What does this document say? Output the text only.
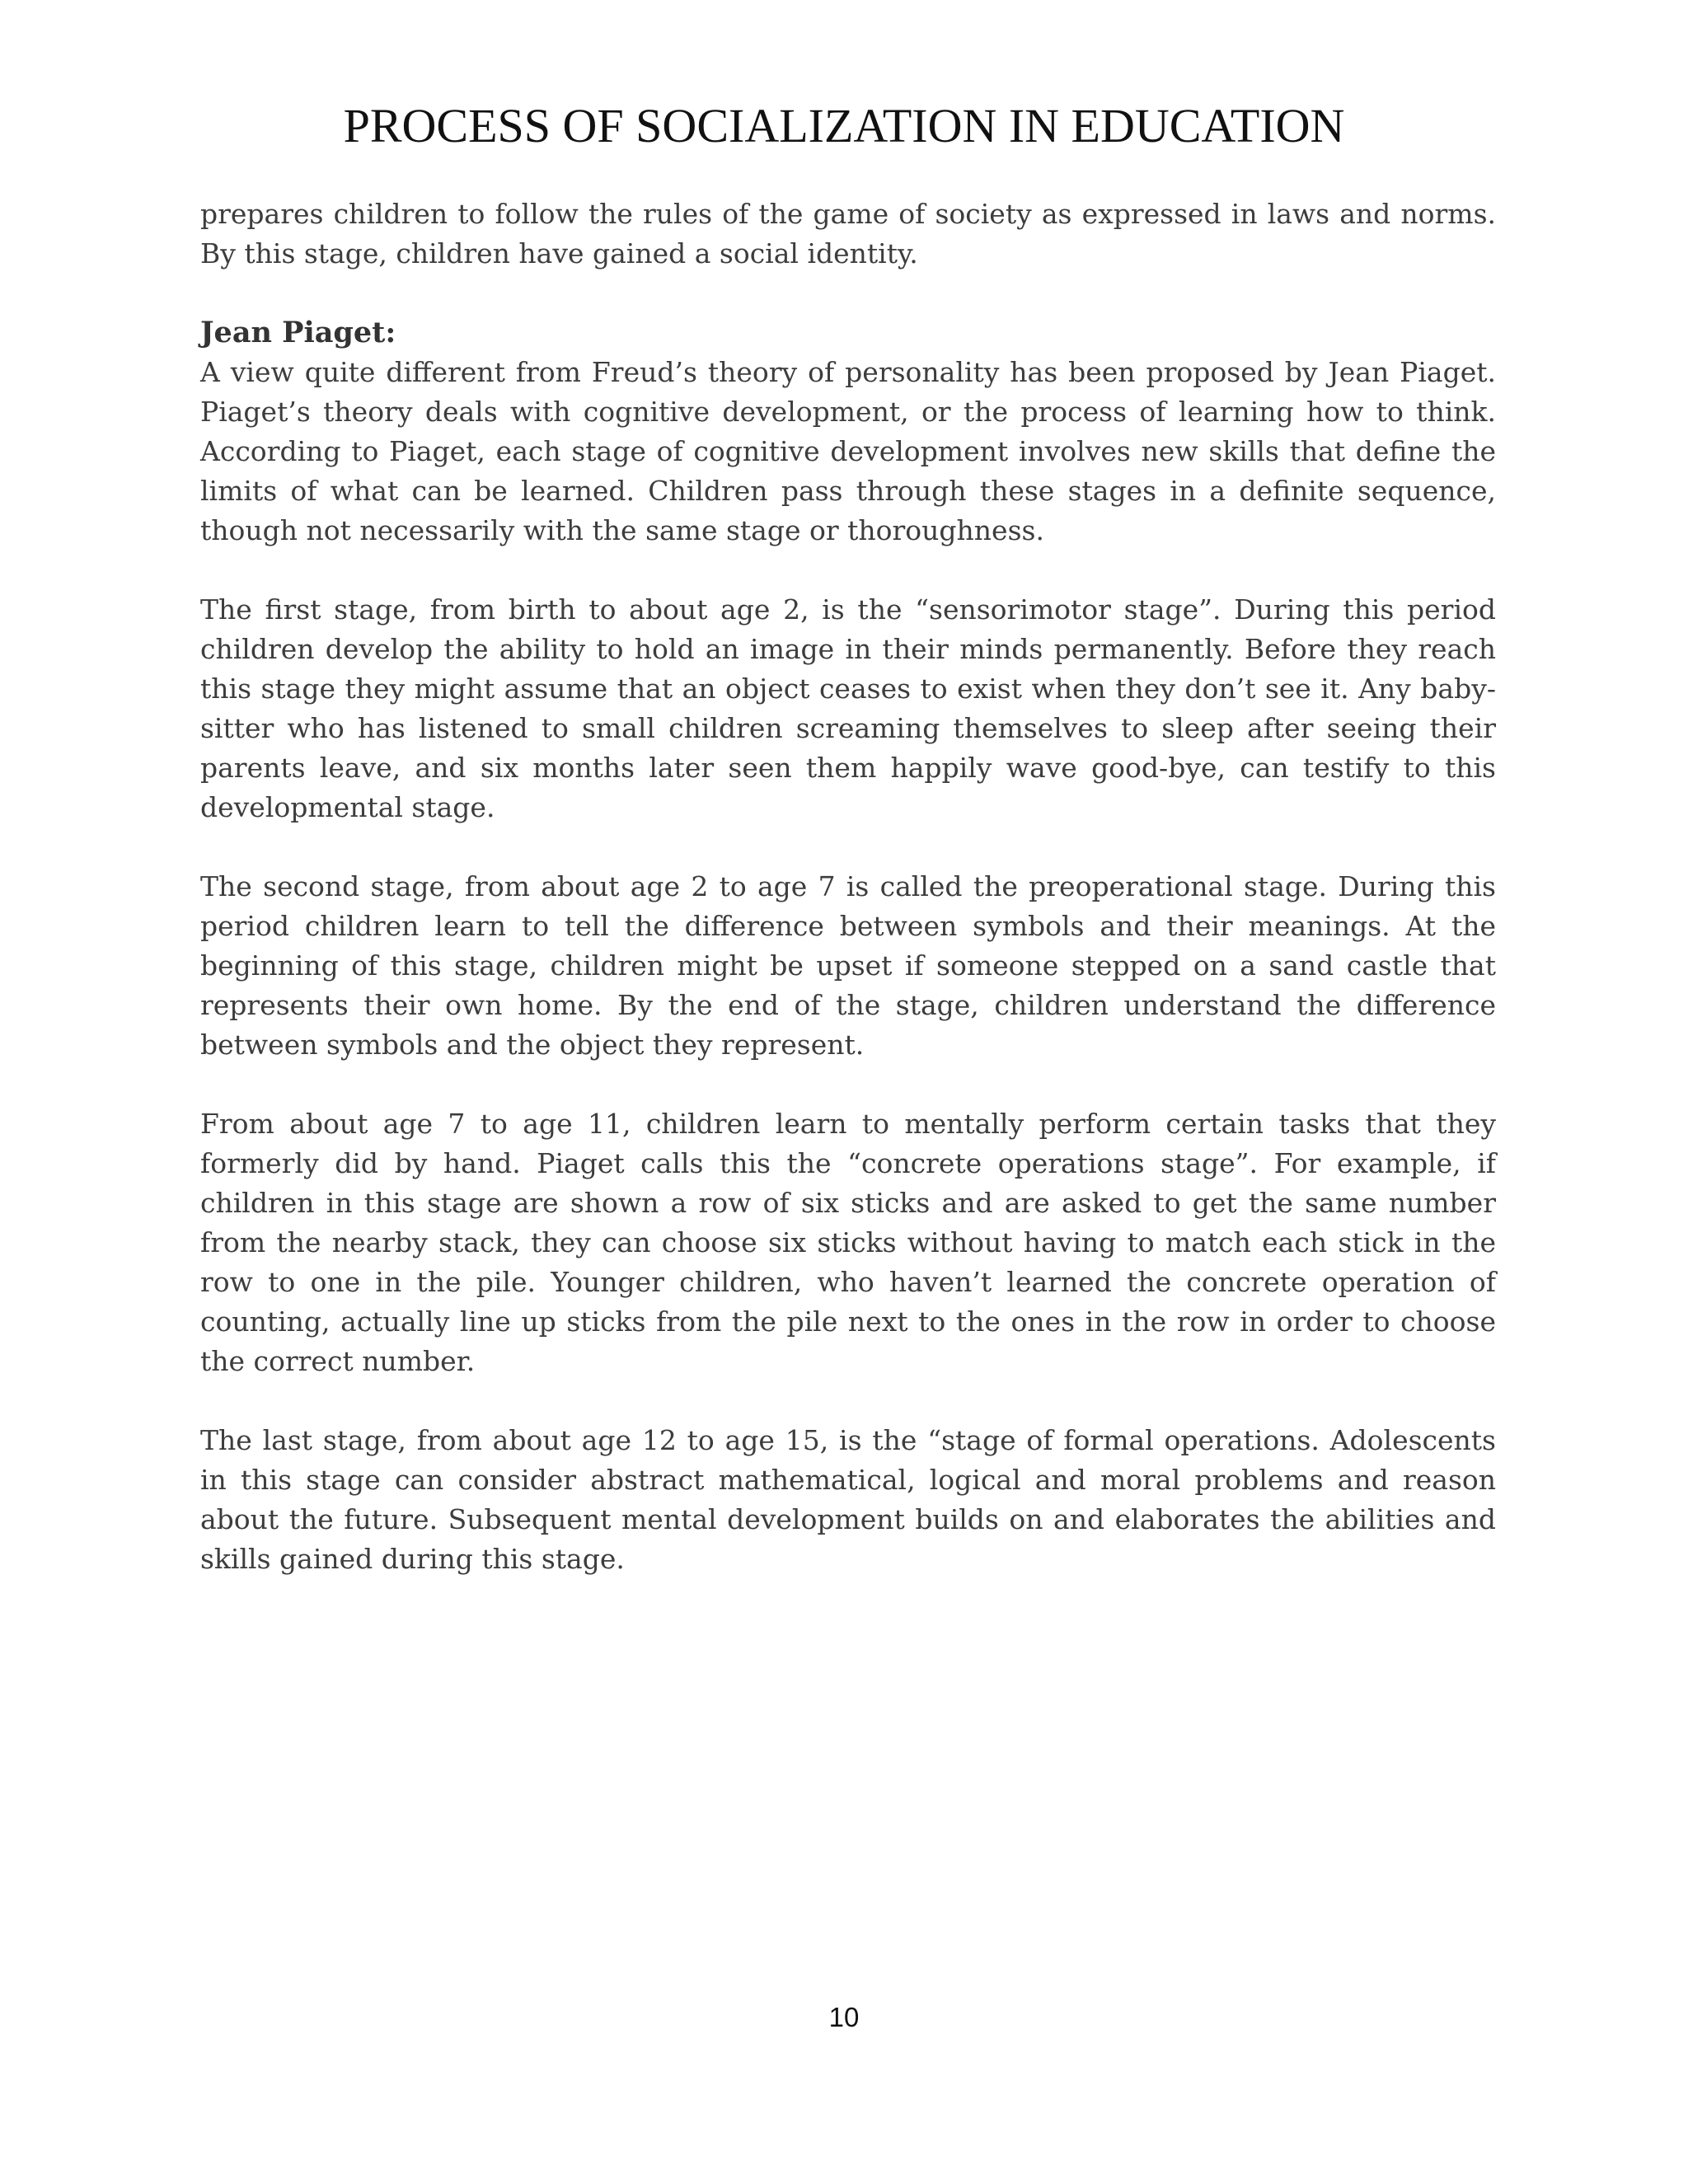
PROCESS OF SOCIALIZATION IN EDUCATION

prepares children to follow the rules of the game of society as expressed in laws and norms. By this stage, children have gained a social identity.

Jean Piaget:

A view quite different from Freud’s theory of personality has been proposed by Jean Piaget. Piaget’s theory deals with cognitive development, or the process of learning how to think. According to Piaget, each stage of cognitive development involves new skills that define the limits of what can be learned. Children pass through these stages in a definite sequence, though not necessarily with the same stage or thoroughness.

The first stage, from birth to about age 2, is the “sensorimotor stage”. During this period children develop the ability to hold an image in their minds permanently. Before they reach this stage they might assume that an object ceases to exist when they don’t see it. Any baby-sitter who has listened to small children screaming themselves to sleep after seeing their parents leave, and six months later seen them happily wave good-bye, can testify to this developmental stage.

The second stage, from about age 2 to age 7 is called the preoperational stage. During this period children learn to tell the difference between symbols and their meanings. At the beginning of this stage, children might be upset if someone stepped on a sand castle that represents their own home. By the end of the stage, children understand the difference between symbols and the object they represent.

From about age 7 to age 11, children learn to mentally perform certain tasks that they formerly did by hand. Piaget calls this the “concrete operations stage”. For example, if children in this stage are shown a row of six sticks and are asked to get the same number from the nearby stack, they can choose six sticks without having to match each stick in the row to one in the pile. Younger children, who haven’t learned the concrete operation of counting, actually line up sticks from the pile next to the ones in the row in order to choose the correct number.

The last stage, from about age 12 to age 15, is the “stage of formal operations. Adolescents in this stage can consider abstract mathematical, logical and moral problems and reason about the future. Subsequent mental development builds on and elaborates the abilities and skills gained during this stage.

10
